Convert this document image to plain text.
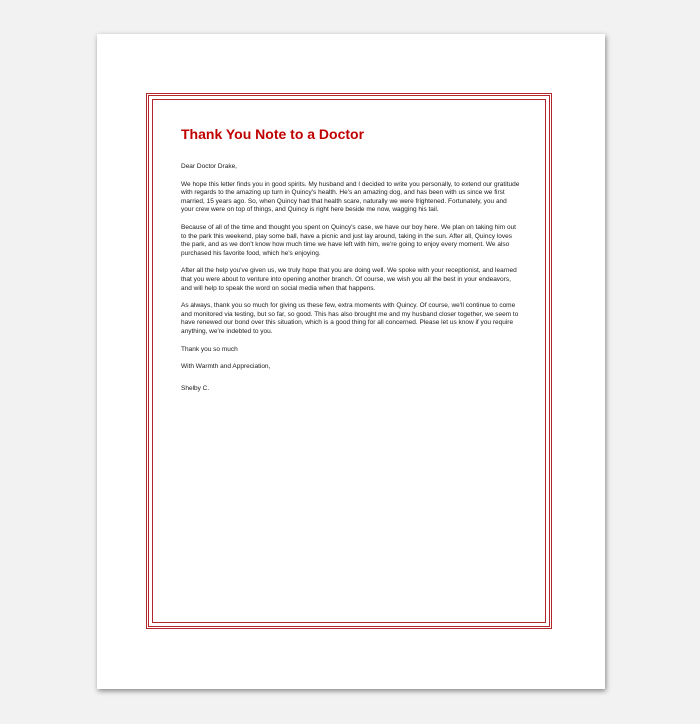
Thank You Note to a Doctor

Dear Doctor Drake,

We hope this letter finds you in good spirits. My husband and I decided to write you personally, to extend our gratitude with regards to the amazing up turn in Quincy's health. He's an amazing dog, and has been with us since we first married, 15 years ago. So, when Quincy had that health scare, naturally we were frightened. Fortunately, you and your crew were on top of things, and Quincy is right here beside me now, wagging his tail.

Because of all of the time and thought you spent on Quincy's case, we have our boy here. We plan on taking him out to the park this weekend, play some ball, have a picnic and just lay around, taking in the sun. After all, Quincy loves the park, and as we don't know how much time we have left with him, we're going to enjoy every moment. We also purchased his favorite food, which he's enjoying.

After all the help you've given us, we truly hope that you are doing well. We spoke with your receptionist, and learned that you were about to venture into opening another branch. Of course, we wish you all the best in your endeavors, and will help to speak the word on social media when that happens.

As always, thank you so much for giving us these few, extra moments with Quincy. Of course, we'll continue to come and monitored via testing, but so far, so good. This has also brought me and my husband closer together, we seem to have renewed our bond over this situation, which is a good thing for all concerned. Please let us know if you require anything, we're indebted to you.

Thank you so much

With Warmth and Appreciation,

Shelby C.
